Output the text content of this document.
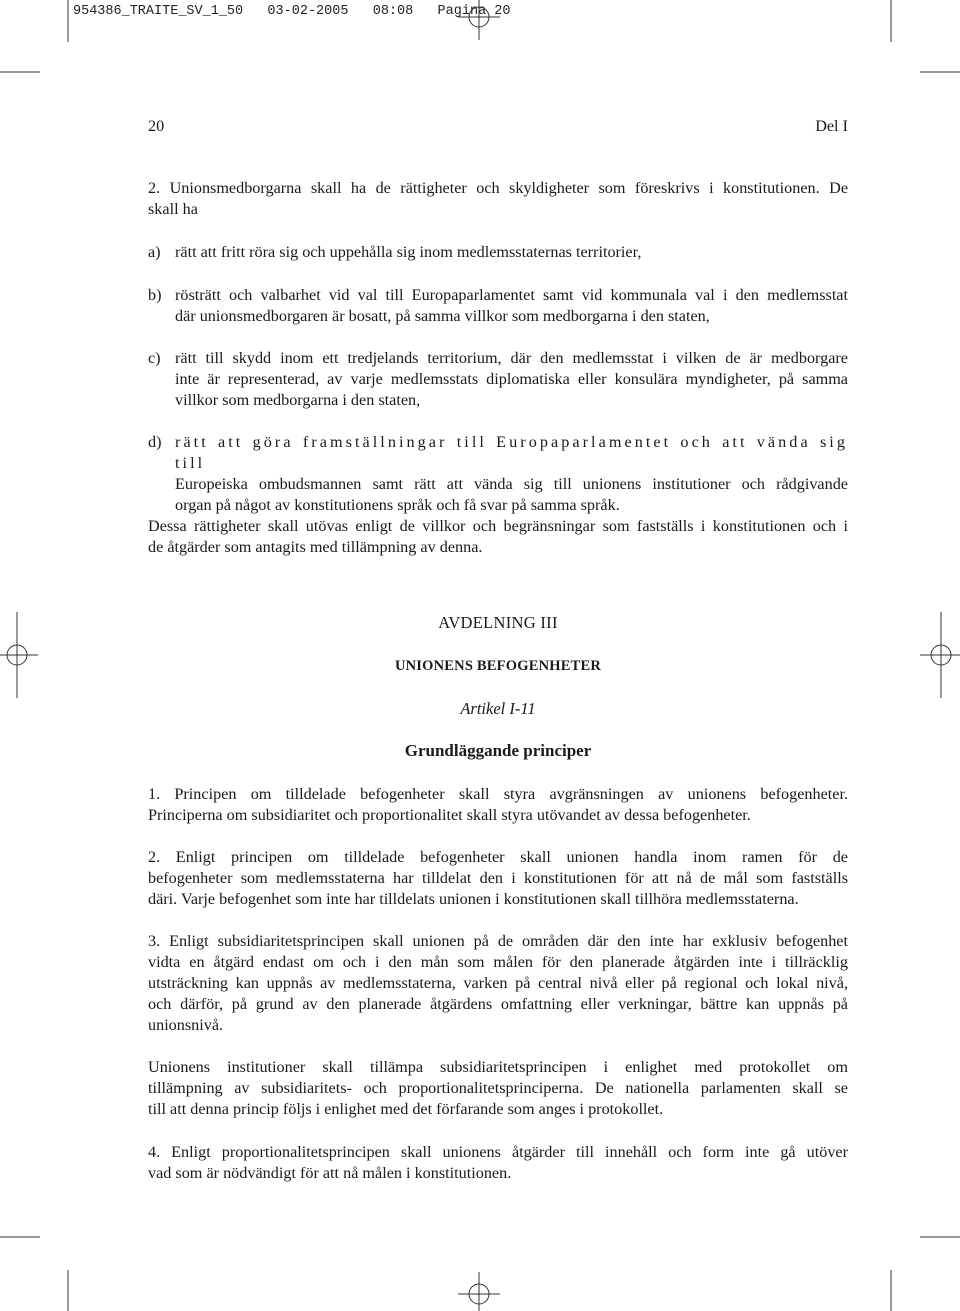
954386_TRAITE_SV_1_50   03-02-2005   08:08   Pagina 20
20	Del I
2. Unionsmedborgarna skall ha de rättigheter och skyldigheter som föreskrivs i konstitutionen. De
skall ha
a) rätt att fritt röra sig och uppehålla sig inom medlemsstaternas territorier,
b) rösträtt och valbarhet vid val till Europaparlamentet samt vid kommunala val i den medlemsstat
där unionsmedborgaren är bosatt, på samma villkor som medborgarna i den staten,
c) rätt till skydd inom ett tredjelands territorium, där den medlemsstat i vilken de är medborgare
inte är representerad, av varje medlemsstats diplomatiska eller konsulära myndigheter, på samma
villkor som medborgarna i den staten,
d) rätt att göra framställningar till Europaparlamentet och att vända sig till
Europeiska ombudsmannen samt rätt att vända sig till unionens institutioner och rådgivande
organ på något av konstitutionens språk och få svar på samma språk.
Dessa rättigheter skall utövas enligt de villkor och begränsningar som fastställs i konstitutionen och i
de åtgärder som antagits med tillämpning av denna.
AVDELNING III
UNIONENS BEFOGENHETER
Artikel I-11
Grundläggande principer
1. Principen om tilldelade befogenheter skall styra avgränsningen av unionens befogenheter.
Principerna om subsidiaritet och proportionalitet skall styra utövandet av dessa befogenheter.
2. Enligt principen om tilldelade befogenheter skall unionen handla inom ramen för de
befogenheter som medlemsstaterna har tilldelat den i konstitutionen för att nå de mål som fastställs
däri. Varje befogenhet som inte har tilldelats unionen i konstitutionen skall tillhöra medlemsstaterna.
3. Enligt subsidiaritetsprincipen skall unionen på de områden där den inte har exklusiv befogenhet
vidta en åtgärd endast om och i den mån som målen för den planerade åtgärden inte i tillräcklig
utsträckning kan uppnås av medlemsstaterna, varken på central nivå eller på regional och lokal nivå,
och därför, på grund av den planerade åtgärdens omfattning eller verkningar, bättre kan uppnås på
unionsnivå.
Unionens institutioner skall tillämpa subsidiaritetsprincipen i enlighet med protokollet om
tillämpning av subsidiaritets- och proportionalitetsprinciperna. De nationella parlamenten skall se
till att denna princip följs i enlighet med det förfarande som anges i protokollet.
4. Enligt proportionalitetsprincipen skall unionens åtgärder till innehåll och form inte gå utöver
vad som är nödvändigt för att nå målen i konstitutionen.
